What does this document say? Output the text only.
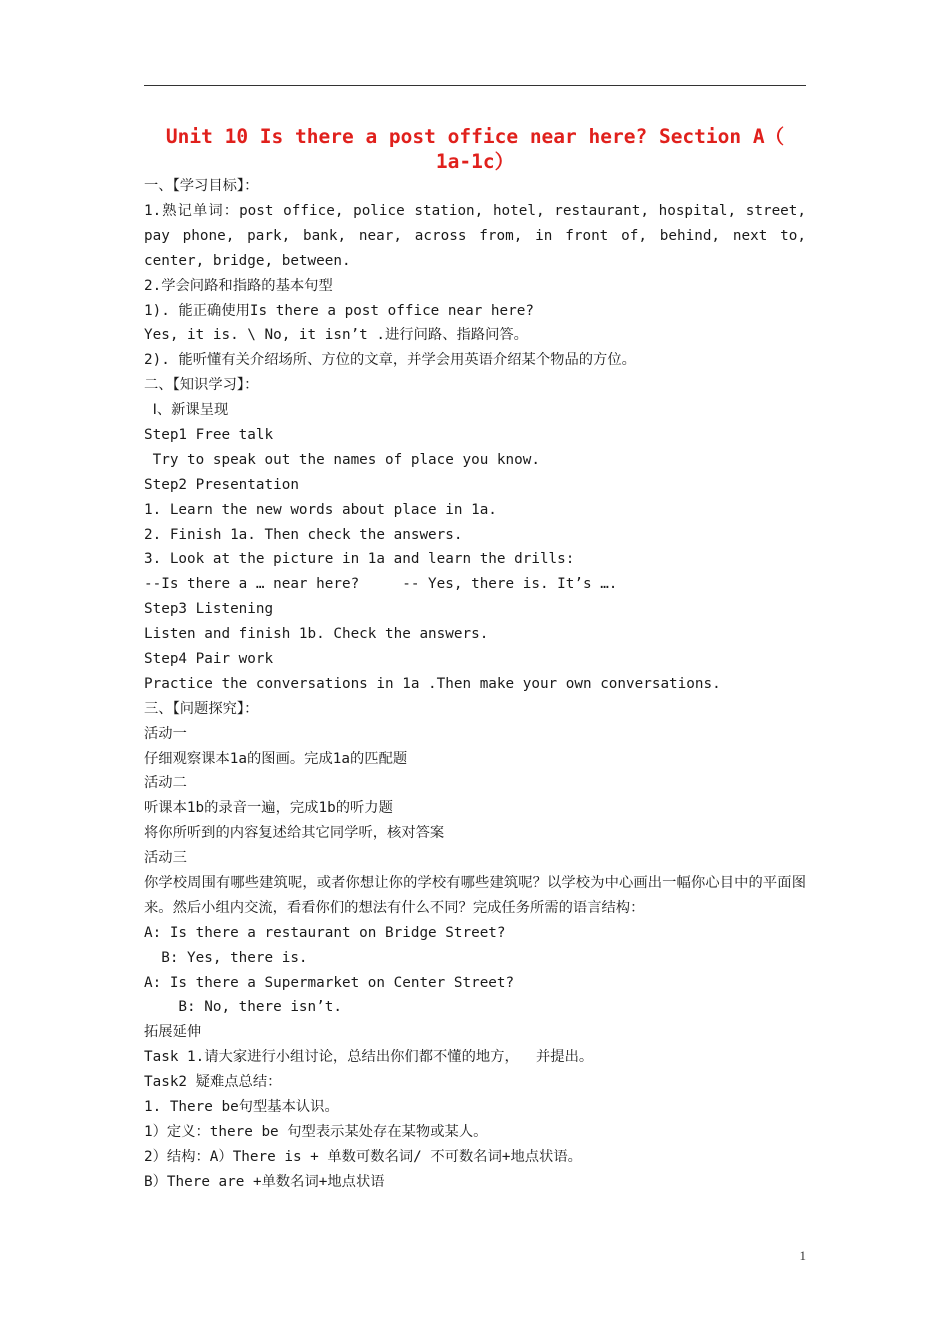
Unit 10 Is there a post office near here? Section A（ 1a-1c）
一、【学习目标】：
1.熟记单词：post office, police station, hotel, restaurant, hospital, street, pay phone, park, bank, near, across from, in front of, behind, next to, center, bridge, between.
2.学会问路和指路的基本句型
1). 能正确使用Is there a post office near here?
Yes, it is. \ No, it isn’t .进行问路、指路问答。
2). 能听懂有关介绍场所、方位的文章，并学会用英语介绍某个物品的方位。
二、【知识学习】：
Ⅰ、新课呈现
Step1 Free talk
Try to speak out the names of place you know.
Step2 Presentation
1. Learn the new words about place in 1a.
2. Finish 1a. Then check the answers.
3. Look at the picture in 1a and learn the drills:
--Is there a … near here?     -- Yes, there is. It’s ….
Step3 Listening
Listen and finish 1b. Check the answers.
Step4 Pair work
Practice the conversations in 1a .Then make your own conversations.
三、【问题探究】：
活动一
仔细观察课本1a的图画。完成1a的匹配题
活动二
听课本1b的录音一遍，完成1b的听力题
将你所听到的内容复述给其它同学听，核对答案
活动三
你学校周围有哪些建筑呢，或者你想让你的学校有哪些建筑呢？以学校为中心画出一幅你心目中的平面图来。然后小组内交流，看看你们的想法有什么不同？完成任务所需的语言结构：
A: Is there a restaurant on Bridge Street?
B: Yes, there is.
A: Is there a Supermarket on Center Street?
B: No, there isn’t.
拓展延伸
Task 1.请大家进行小组讨论，总结出你们都不懂的地方，  并提出。
Task2 疑难点总结：
1. There be句型基本认识。
1）定义：there be 句型表示某处存在某物或某人。
2）结构：A）There is + 单数可数名词/ 不可数名词+地点状语。
B）There are +单数名词+地点状语
1
